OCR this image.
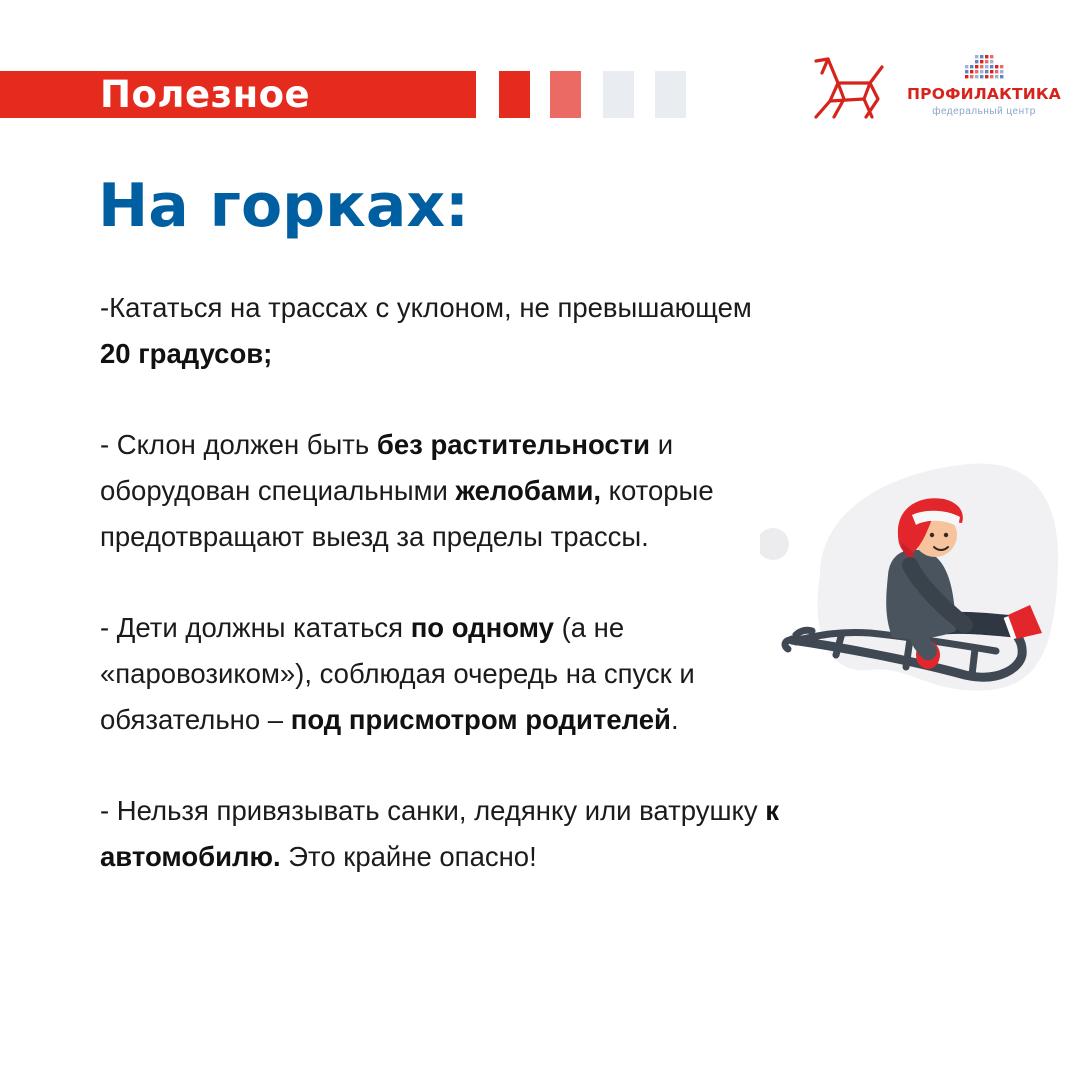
Полезное	ПРОФИЛАКТИКА
федеральный центр
На горках:

-Кататься на трассах с уклоном, не превышающем 20 градусов;

- Склон должен быть без растительности и оборудован специальными желобами, которые предотвращают выезд за пределы трассы.

- Дети должны кататься по одному (а не «паровозиком»), соблюдая очередь на спуск и обязательно – под присмотром родителей.

- Нельзя привязывать санки, ледянку или ватрушку к автомобилю. Это крайне опасно!
